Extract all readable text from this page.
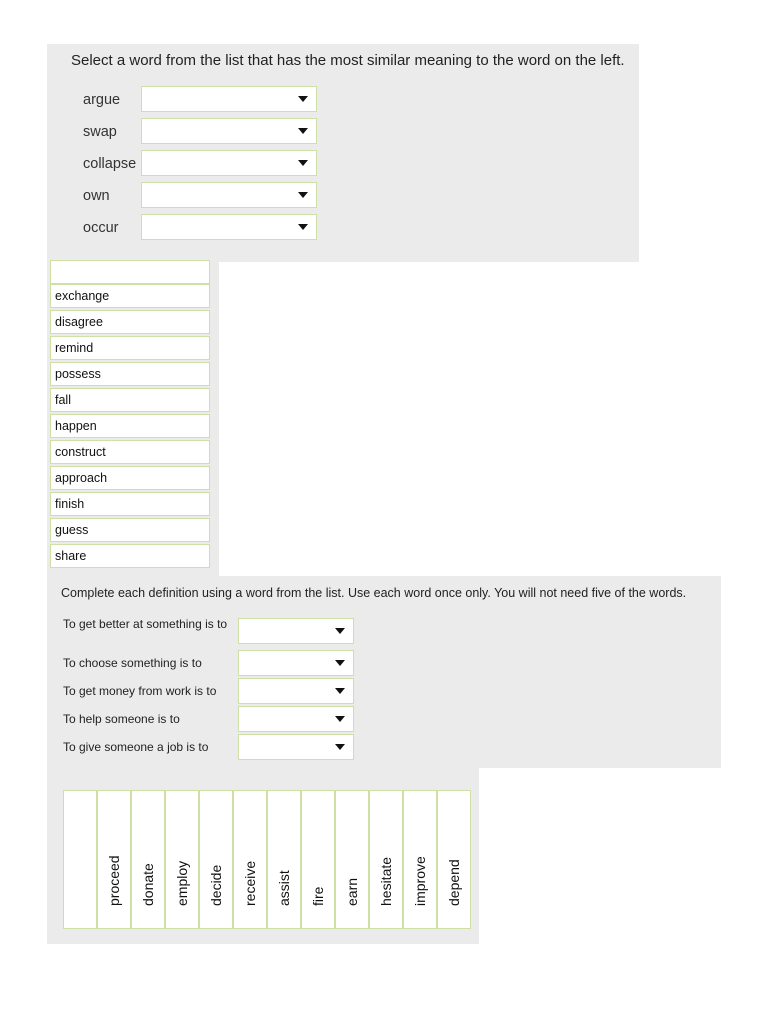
Select a word from the list that has the most similar meaning to the word on the left.
argue
swap
collapse
own
occur
exchange
disagree
remind
possess
fall
happen
construct
approach
finish
guess
share
Complete each definition using a word from the list. Use each word once only. You will not need five of the words.
To get better at something is to
To choose something is to
To get money from work is to
To help someone is to
To give someone a job is to
proceed donate employ decide receive assist fire earn hesitate improve depend
